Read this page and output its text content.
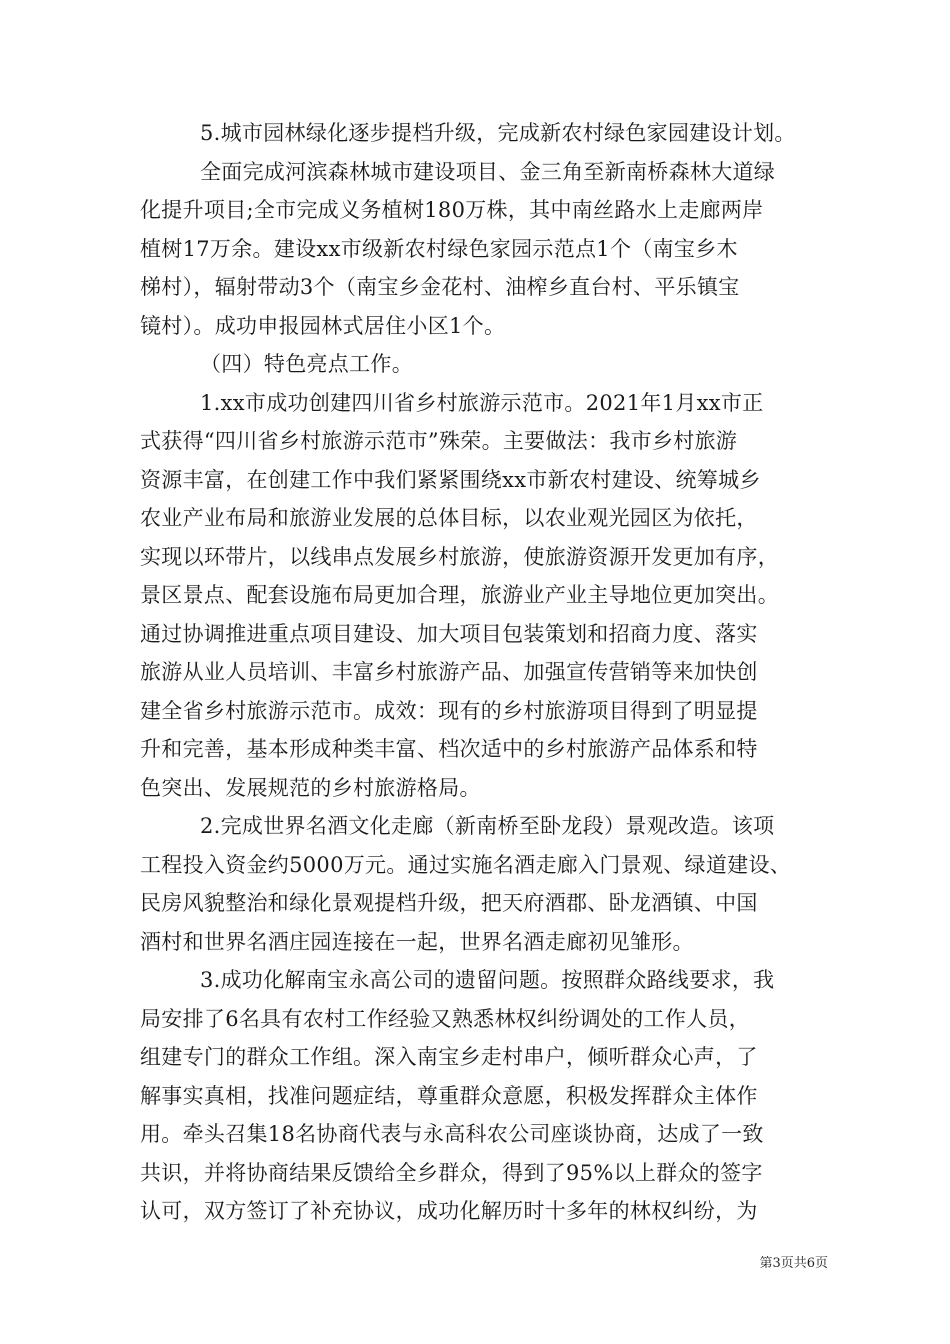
5.城市园林绿化逐步提档升级，完成新农村绿色家园建设计划。
全面完成河滨森林城市建设项目、金三角至新南桥森林大道绿
化提升项目;全市完成义务植树180万株，其中南丝路水上走廊两岸
植树17万余。建设xx市级新农村绿色家园示范点1个（南宝乡木
梯村），辐射带动3个（南宝乡金花村、油榨乡直台村、平乐镇宝
镜村）。成功申报园林式居住小区1个。
（四）特色亮点工作。
1.xx市成功创建四川省乡村旅游示范市。2021年1月xx市正
式获得“四川省乡村旅游示范市”殊荣。主要做法：我市乡村旅游
资源丰富，在创建工作中我们紧紧围绕xx市新农村建设、统筹城乡
农业产业布局和旅游业发展的总体目标，以农业观光园区为依托，
实现以环带片，以线串点发展乡村旅游，使旅游资源开发更加有序，
景区景点、配套设施布局更加合理，旅游业产业主导地位更加突出。
通过协调推进重点项目建设、加大项目包装策划和招商力度、落实
旅游从业人员培训、丰富乡村旅游产品、加强宣传营销等来加快创
建全省乡村旅游示范市。成效：现有的乡村旅游项目得到了明显提
升和完善，基本形成种类丰富、档次适中的乡村旅游产品体系和特
色突出、发展规范的乡村旅游格局。
2.完成世界名酒文化走廊（新南桥至卧龙段）景观改造。该项
工程投入资金约5000万元。通过实施名酒走廊入门景观、绿道建设、
民房风貌整治和绿化景观提档升级，把天府酒郡、卧龙酒镇、中国
酒村和世界名酒庄园连接在一起，世界名酒走廊初见雏形。
3.成功化解南宝永高公司的遗留问题。按照群众路线要求，我
局安排了6名具有农村工作经验又熟悉林权纠纷调处的工作人员，
组建专门的群众工作组。深入南宝乡走村串户，倾听群众心声，了
解事实真相，找准问题症结，尊重群众意愿，积极发挥群众主体作
用。牵头召集18名协商代表与永高科农公司座谈协商，达成了一致
共识，并将协商结果反馈给全乡群众，得到了95%以上群众的签字
认可，双方签订了补充协议，成功化解历时十多年的林权纠纷，为
第3页共6页
